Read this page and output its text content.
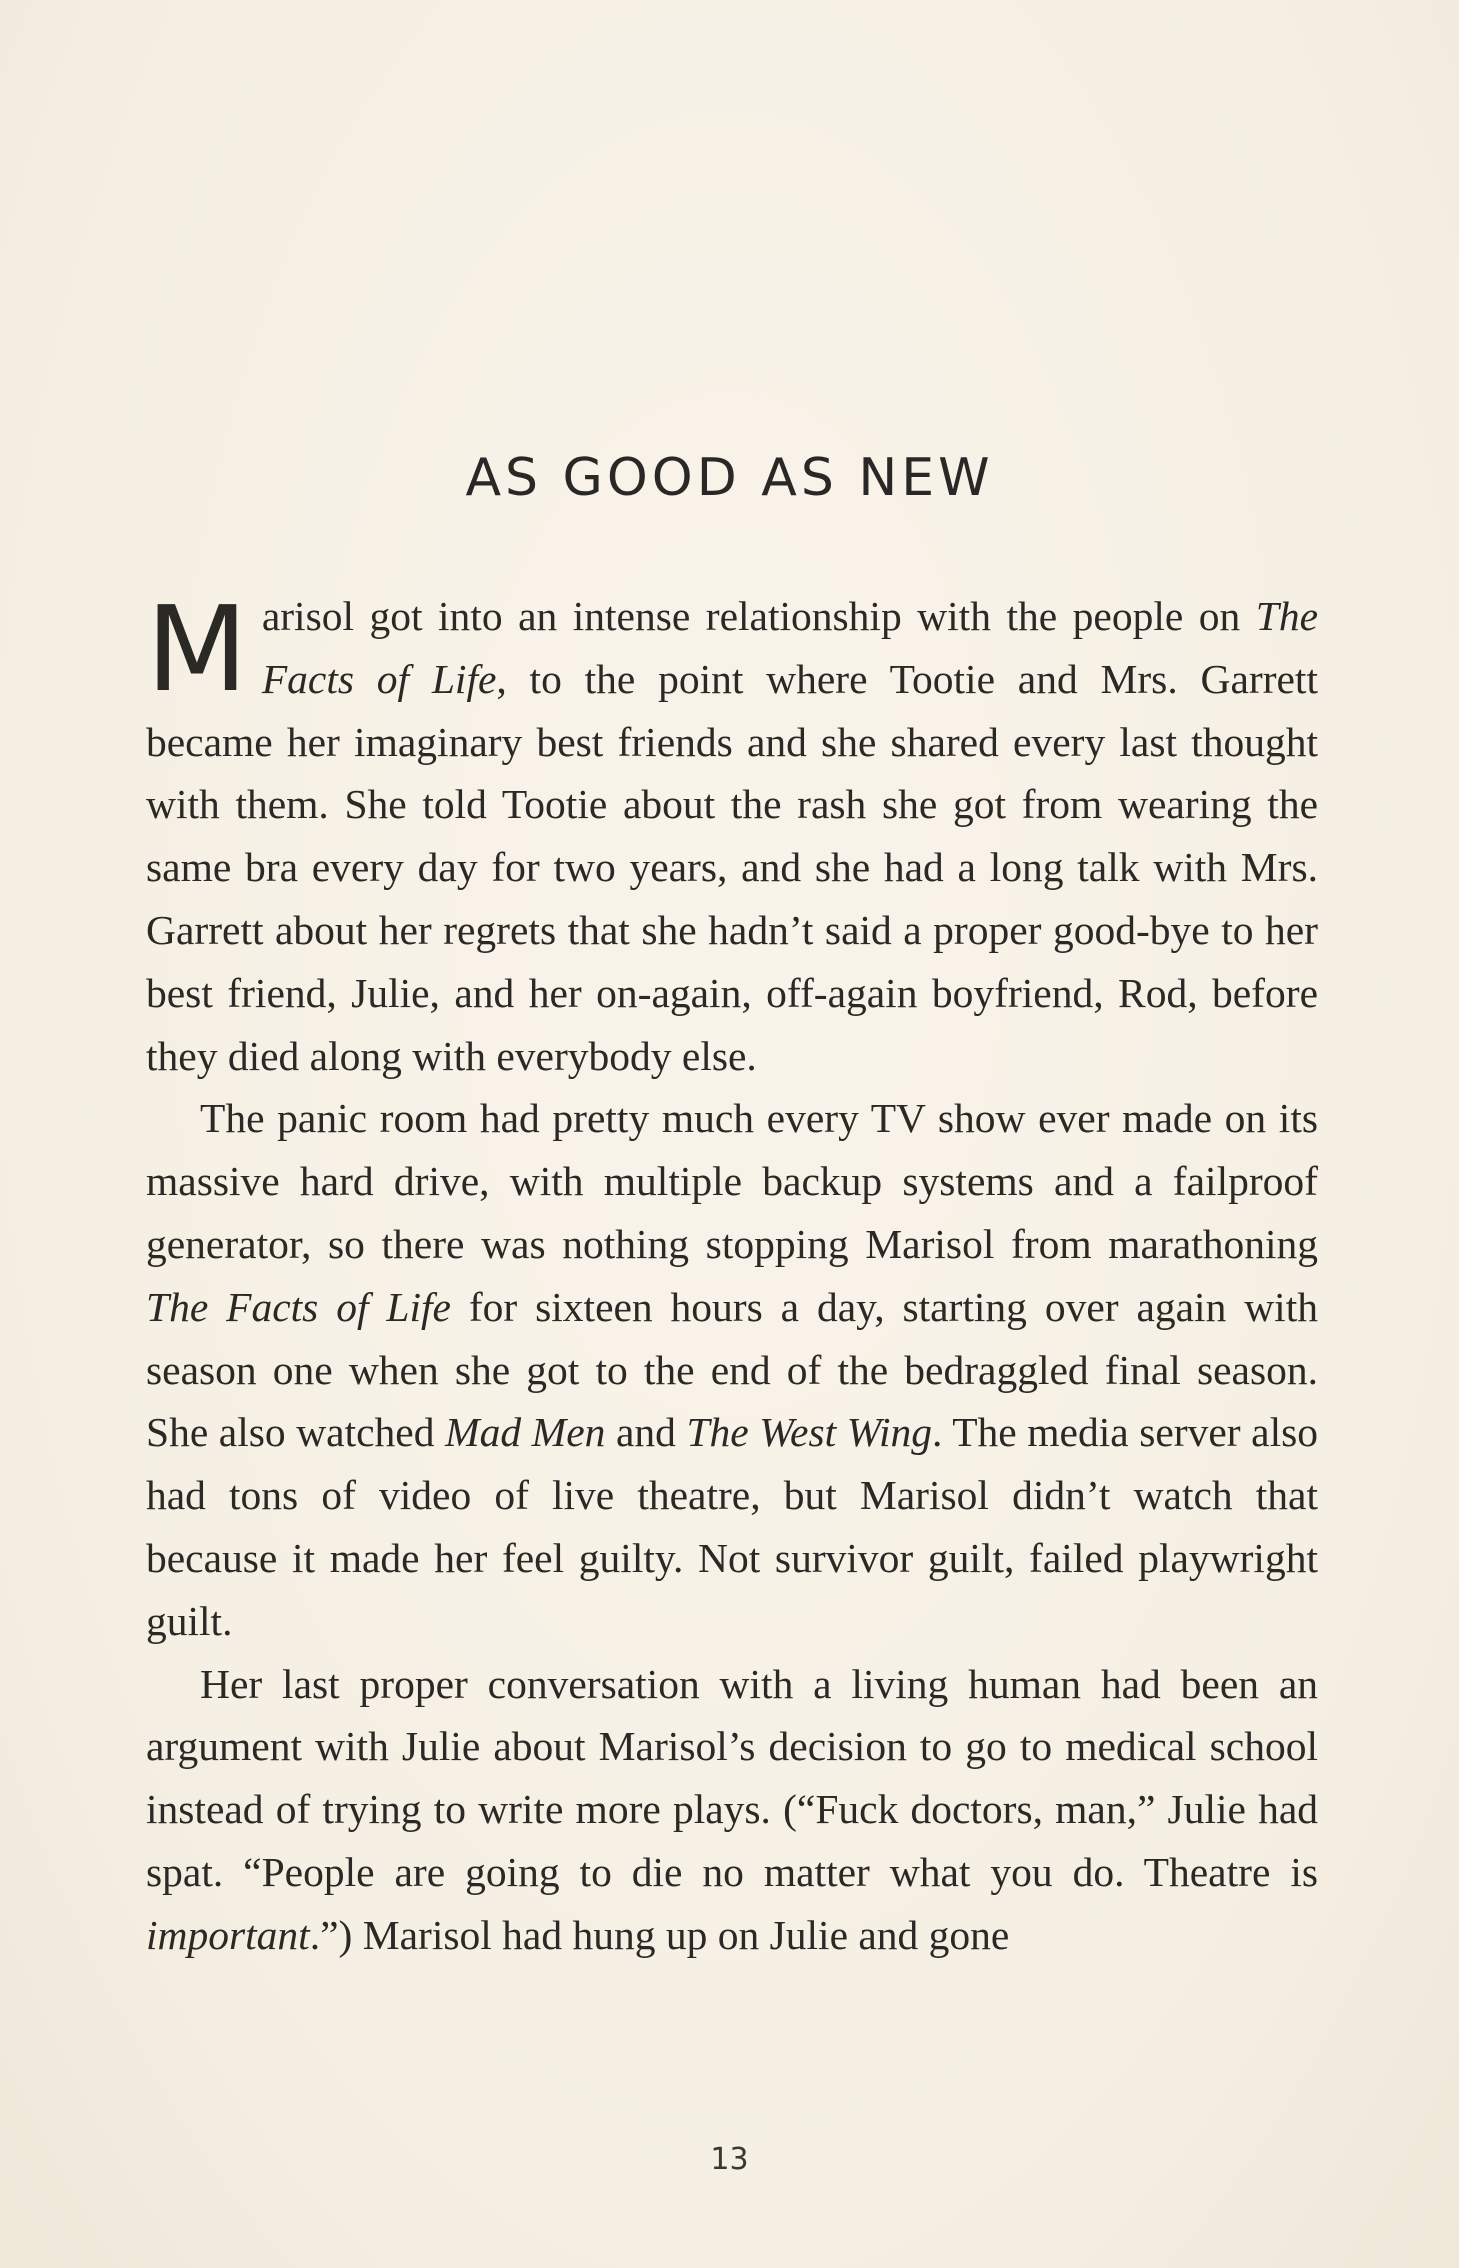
AS GOOD AS NEW

Marisol got into an intense relationship with the people on The Facts of Life, to the point where Tootie and Mrs. Garrett became her imaginary best friends and she shared every last thought with them. She told Tootie about the rash she got from wearing the same bra every day for two years, and she had a long talk with Mrs. Garrett about her regrets that she hadn’t said a proper good-bye to her best friend, Julie, and her on-again, off-again boyfriend, Rod, before they died along with everybody else.

The panic room had pretty much every TV show ever made on its massive hard drive, with multiple backup systems and a failproof generator, so there was nothing stopping Marisol from marathoning The Facts of Life for sixteen hours a day, starting over again with season one when she got to the end of the bedraggled final season. She also watched Mad Men and The West Wing. The media server also had tons of video of live theatre, but Marisol didn’t watch that because it made her feel guilty. Not survivor guilt, failed playwright guilt.

Her last proper conversation with a living human had been an argument with Julie about Marisol’s decision to go to medical school instead of trying to write more plays. (“Fuck doctors, man,” Julie had spat. “People are going to die no matter what you do. Theatre is important.”) Marisol had hung up on Julie and gone

13
